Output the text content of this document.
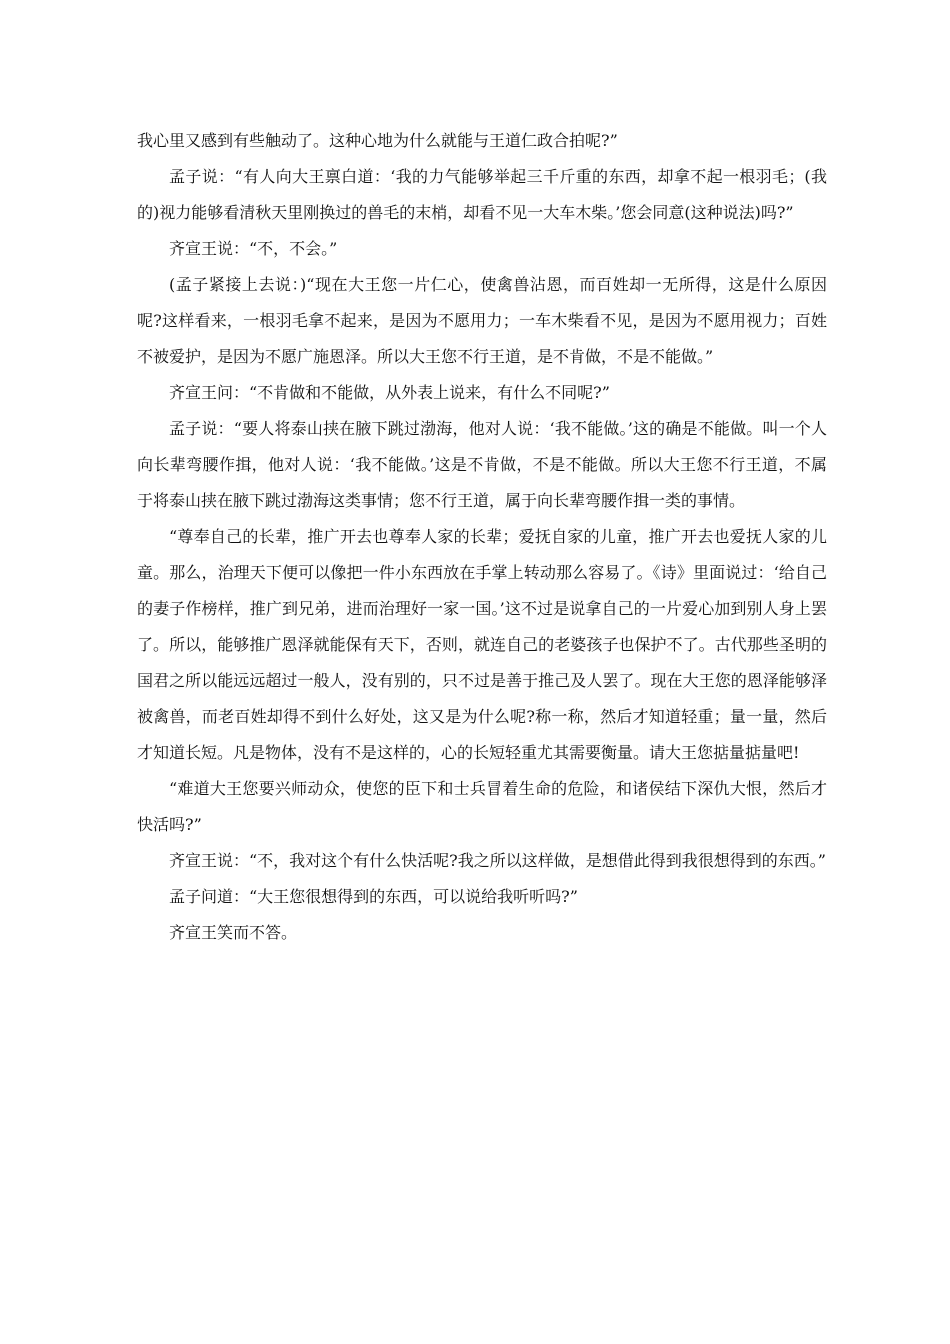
我心里又感到有些触动了。这种心地为什么就能与王道仁政合拍呢?”

孟子说：“有人向大王禀白道：‘我的力气能够举起三千斤重的东西，却拿不起一根羽毛；(我的)视力能够看清秋天里刚换过的兽毛的末梢，却看不见一大车木柴。’您会同意(这种说法)吗?”

齐宣王说：“不，不会。”

(孟子紧接上去说：)“现在大王您一片仁心，使禽兽沾恩，而百姓却一无所得，这是什么原因呢?这样看来，一根羽毛拿不起来，是因为不愿用力；一车木柴看不见，是因为不愿用视力；百姓不被爱护，是因为不愿广施恩泽。所以大王您不行王道，是不肯做，不是不能做。”

齐宣王问：“不肯做和不能做，从外表上说来，有什么不同呢?”

孟子说：“要人将泰山挟在腋下跳过渤海，他对人说：‘我不能做。’这的确是不能做。叫一个人向长辈弯腰作揖，他对人说：‘我不能做。’这是不肯做，不是不能做。所以大王您不行王道，不属于将泰山挟在腋下跳过渤海这类事情；您不行王道，属于向长辈弯腰作揖一类的事情。

“尊奉自己的长辈，推广开去也尊奉人家的长辈；爱抚自家的儿童，推广开去也爱抚人家的儿童。那么，治理天下便可以像把一件小东西放在手掌上转动那么容易了。《诗》里面说过：‘给自己的妻子作榜样，推广到兄弟，进而治理好一家一国。’这不过是说拿自己的一片爱心加到别人身上罢了。所以，能够推广恩泽就能保有天下，否则，就连自己的老婆孩子也保护不了。古代那些圣明的国君之所以能远远超过一般人，没有别的，只不过是善于推己及人罢了。现在大王您的恩泽能够泽被禽兽，而老百姓却得不到什么好处，这又是为什么呢?称一称，然后才知道轻重；量一量，然后才知道长短。凡是物体，没有不是这样的，心的长短轻重尤其需要衡量。请大王您掂量掂量吧!

“难道大王您要兴师动众，使您的臣下和士兵冒着生命的危险，和诸侯结下深仇大恨，然后才快活吗?”

齐宣王说：“不，我对这个有什么快活呢?我之所以这样做，是想借此得到我很想得到的东西。”

孟子问道：“大王您很想得到的东西，可以说给我听听吗?”

齐宣王笑而不答。
